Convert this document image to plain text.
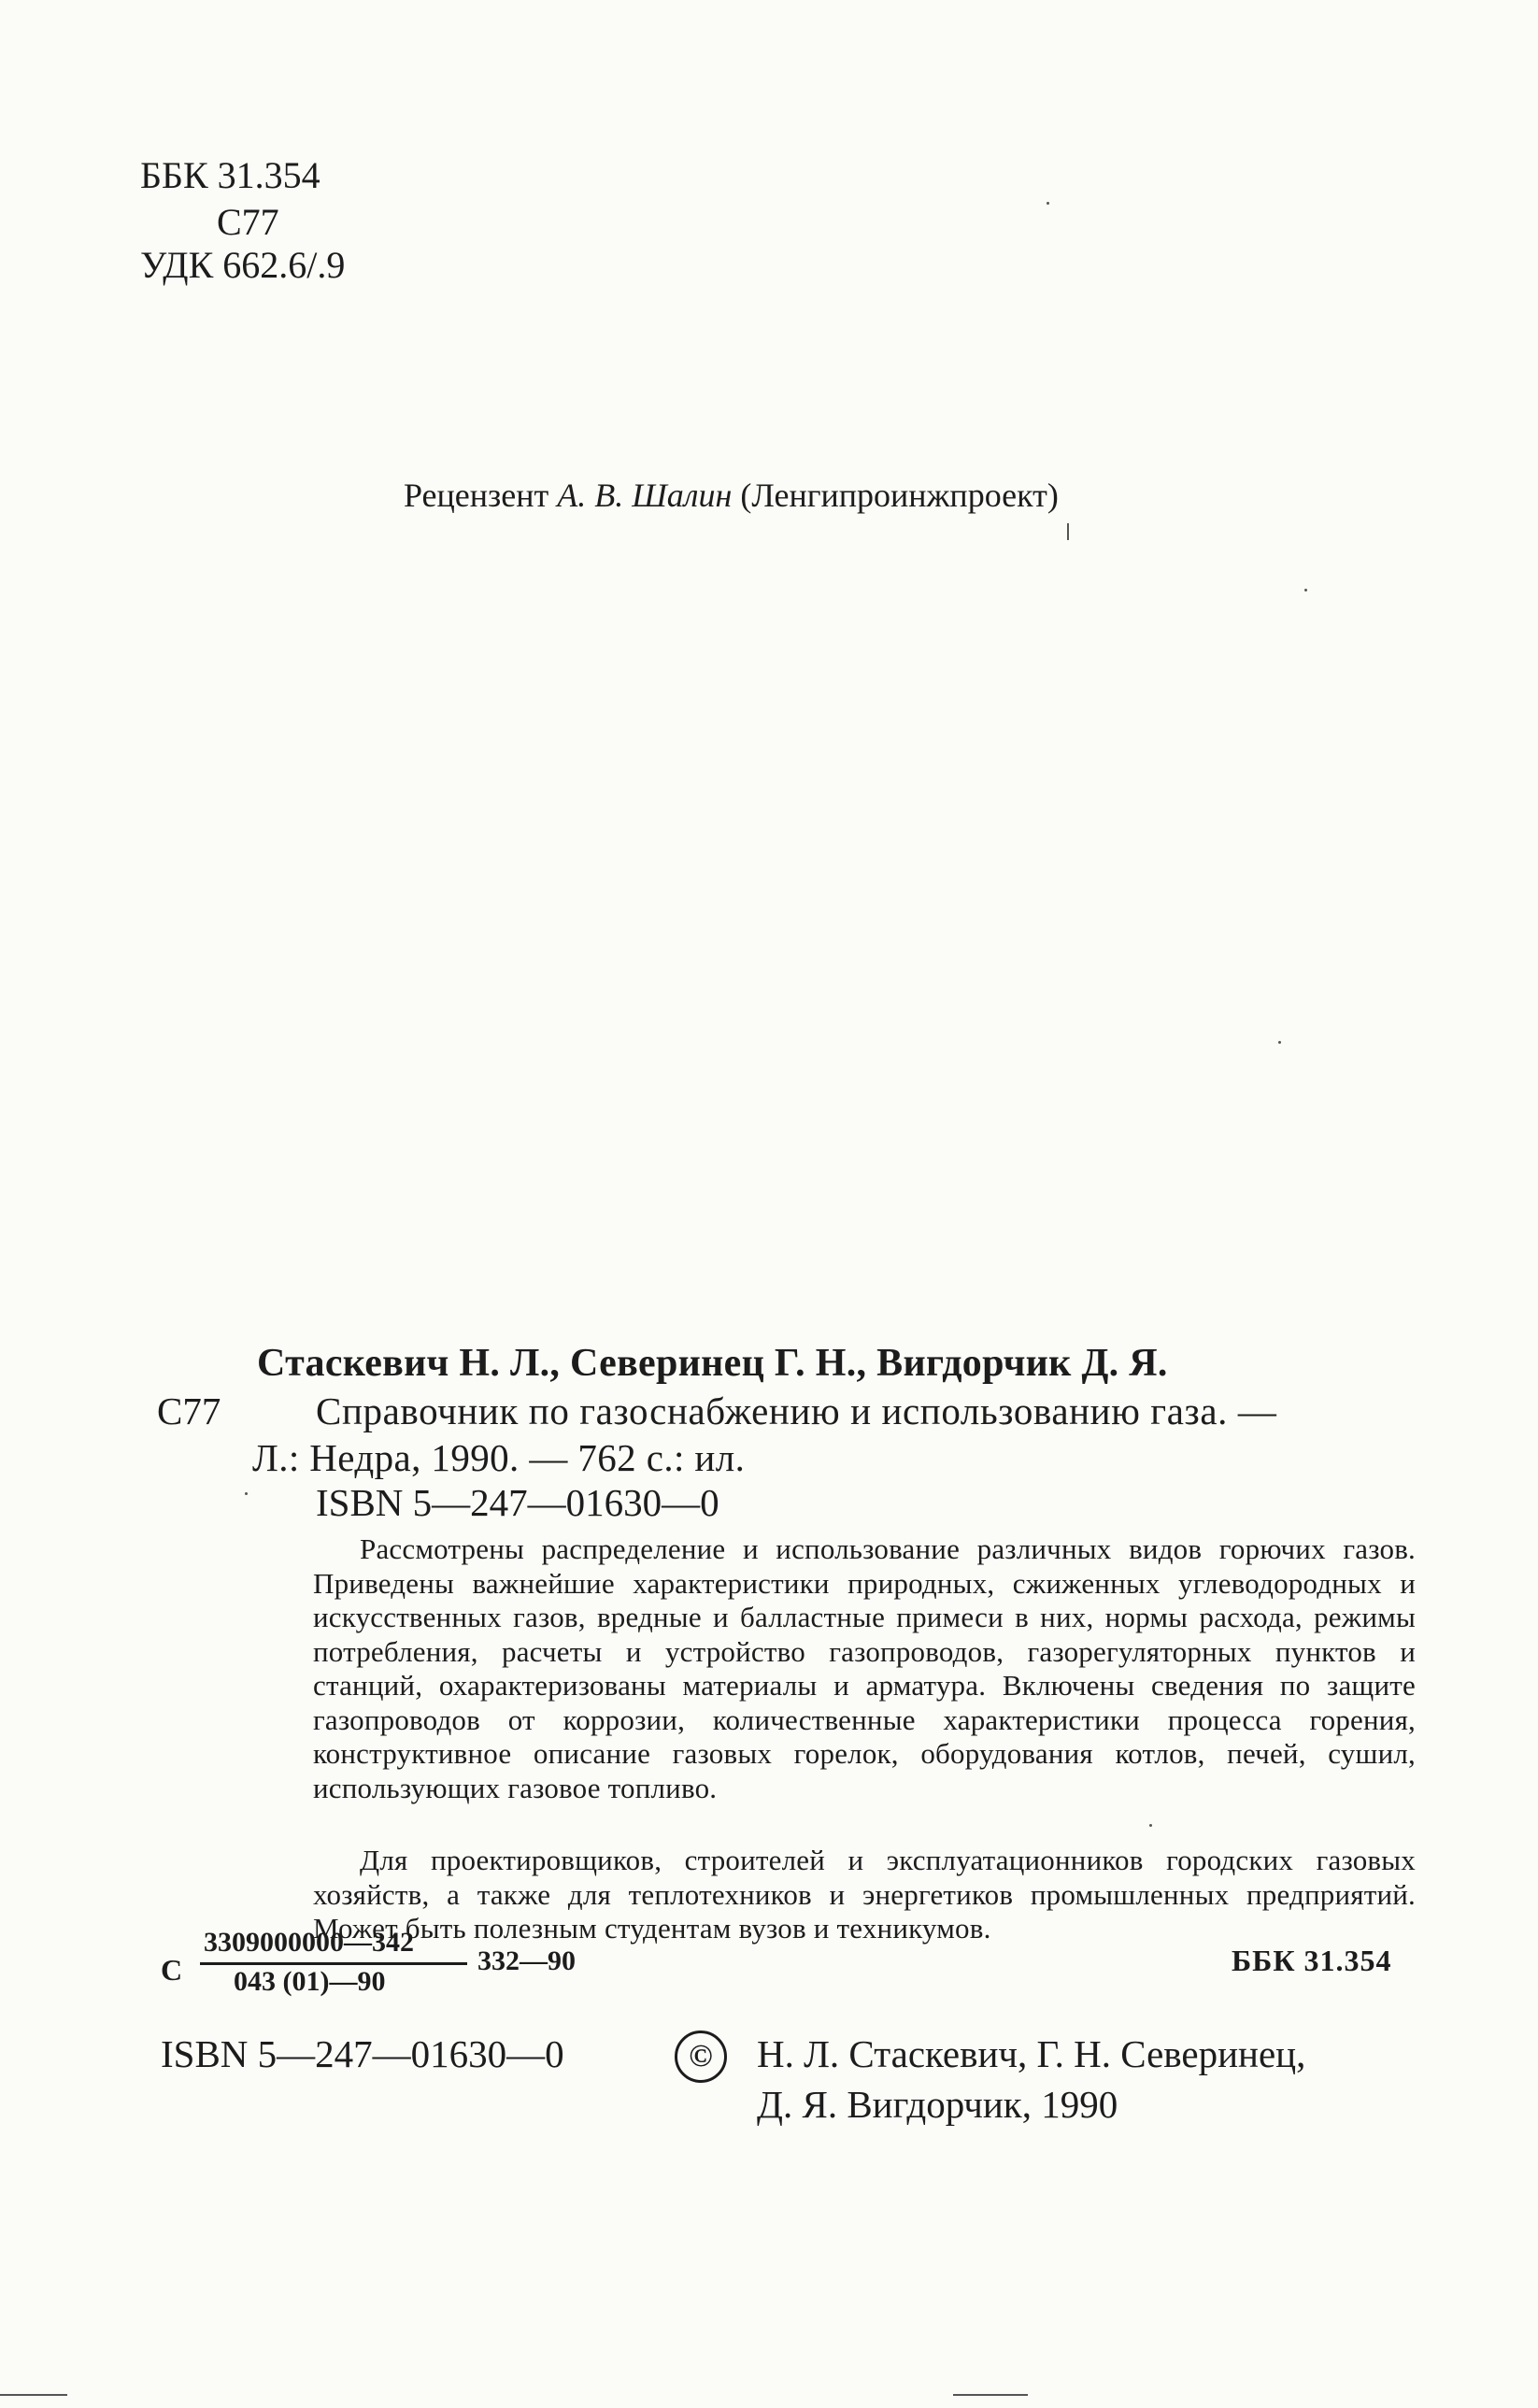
ББК 31.354
С77
УДК 662.6/.9
Рецензент А. В. Шалин (Ленгипроинжпроект)
Стаскевич Н. Л., Северинец Г. Н., Вигдорчик Д. Я.
С77 Справочник по газоснабжению и использованию газа. —
Л.: Недра, 1990. — 762 с.: ил.
ISBN 5—247—01630—0

Рассмотрены распределение и использование различных видов горючих газов. Приведены важнейшие характеристики природных, сжиженных углеводородных и искусственных газов, вредные и балластные примеси в них, нормы расхода, режимы потребления, расчеты и устройство газопроводов, газорегуляторных пунктов и станций, охарактеризованы материалы и арматура. Включены сведения по защите газопроводов от коррозии, количественные характеристики процесса горения, конструктивное описание газовых горелок, оборудования котлов, печей, сушил, использующих газовое топливо.

Для проектировщиков, строителей и эксплуатационников городских газовых хозяйств, а также для теплотехников и энергетиков промышленных предприятий. Может быть полезным студентам вузов и техникумов.

С
3309000000—342
043 (01)—90
332—90	ББК 31.354
ISBN 5—247—01630—0	©	Н. Л. Стаскевич, Г. Н. Северинец,
Д. Я. Вигдорчик, 1990
